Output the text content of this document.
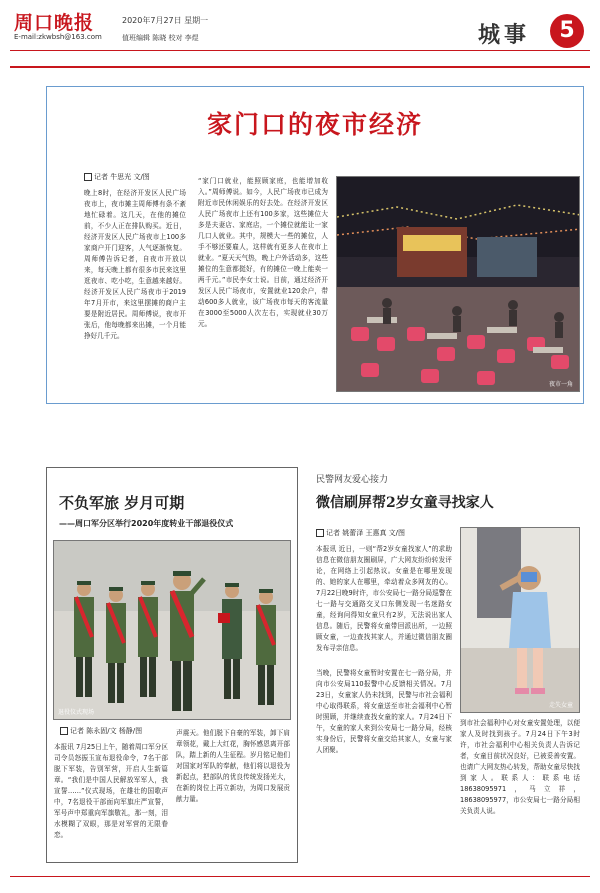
周口晚报	2020年7月27日 星期一
E-mail:zkwbsh@163.com	值班编辑 陈晓 校对 李煜	城事	5
家门口的夜市经济
记者 牛思光 文/图
晚上8时，在经济开发区人民广场夜市上，夜市摊主周师傅有条不紊地忙碌着。这几天，在他的摊位前，不少人正在排队购买。近日，经济开发区人民广场夜市上100多家商户开门迎客，人气逐渐恢复。周师傅告诉记者，自夜市开放以来，每天晚上都有很多市民来这里逛夜市、吃小吃，生意越来越好。经济开发区人民广场夜市于2019年7月开市，来这里摆摊的商户主要是附近居民。周师傅说，夜市开张后，他每晚都来出摊，一个月能挣好几千元。
“家门口就业，能照顾家庭，也能增加收入。”周师傅说。如今，人民广场夜市已成为附近市民休闲娱乐的好去处。在经济开发区人民广场夜市上还有100多家，这些摊位大多是夫妻店、家庭店，一个摊位就能让一家几口人就业。其中，规模大一些的摊位，人手不够还要雇人，这样就有更多人在夜市上就业。“夏天天气热，晚上户外活动多，这些摊位的生意都挺好，有的摊位一晚上能卖一两千元。”市民李女士说。目前，通过经济开发区人民广场夜市，安置就业120余户，带动600多人就业，该广场夜市每天的客流量在3000至5000人次左右，实现就业30万元。
夜市一角
不负军旅 岁月可期
——周口军分区举行2020年度转业干部退役仪式
退役仪式现场
记者 陈永固/文 杨静/图
本报讯 7月25日上午，随着周口军分区司令员怒振玉宣布退役命令，7名干部脱下军装，告别军营，开启人生新篇章。“我们是中国人民解放军军人，我宣誓……”仪式现场，在雄壮的国歌声中，7名退役干部面向军旗庄严宣誓，军号声中郑重向军旗敬礼，那一刻，泪水模糊了双眼，那是对军营的无限眷恋。
声震天。他们脱下自豪的军装，卸下肩章领花，戴上大红花，胸怀感恩离开部队，踏上新的人生征程。岁月铭记他们对国家对军队的奉献，他们将以退役为新起点，把部队的优良传统发扬光大，在新的岗位上再立新功，为周口发展贡献力量。
民警网友爱心接力
微信刷屏帮2岁女童寻找家人
记者 姚蕾泽 王惠真 文/图
本报讯 近日，一则“帮2岁女童找家人”的求助信息在微信朋友圈刷屏，广大网友纷纷转发评论，在网络上引起热议。女童是在哪里发现的、她的家人在哪里，牵动着众多网友的心。7月22日晚9时许，市公安局七一路分局巡警在七一路与交通路交叉口东侧发现一名迷路女童，经询问得知女童只有2岁，无法说出家人信息。随后，民警将女童带回派出所，一边照顾女童，一边查找其家人，并通过微信朋友圈发布寻亲信息。
当晚，民警将女童暂时安置在七一路分局，并向市公安局110报警中心反馈相关情况。7月23日，女童家人仍未找到，民警与市社会福利中心取得联系，将女童送至市社会福利中心暂时照顾，并继续查找女童的家人。7月24日下午，女童的家人来到公安局七一路分局，经核实身份后，民警将女童交给其家人，女童与家人团聚。
走失女童
到市社会福利中心对女童安置处理，以便家人及时找到孩子。7月24日下午3时许，市社会福利中心相关负责人告诉记者，女童目前状况良好，已被妥善安置。也请广大网友热心转发，帮助女童尽快找到家人。联系人：联系电话18638095971，马立祥，18638095977，市公安局七一路分局相关负责人说。
